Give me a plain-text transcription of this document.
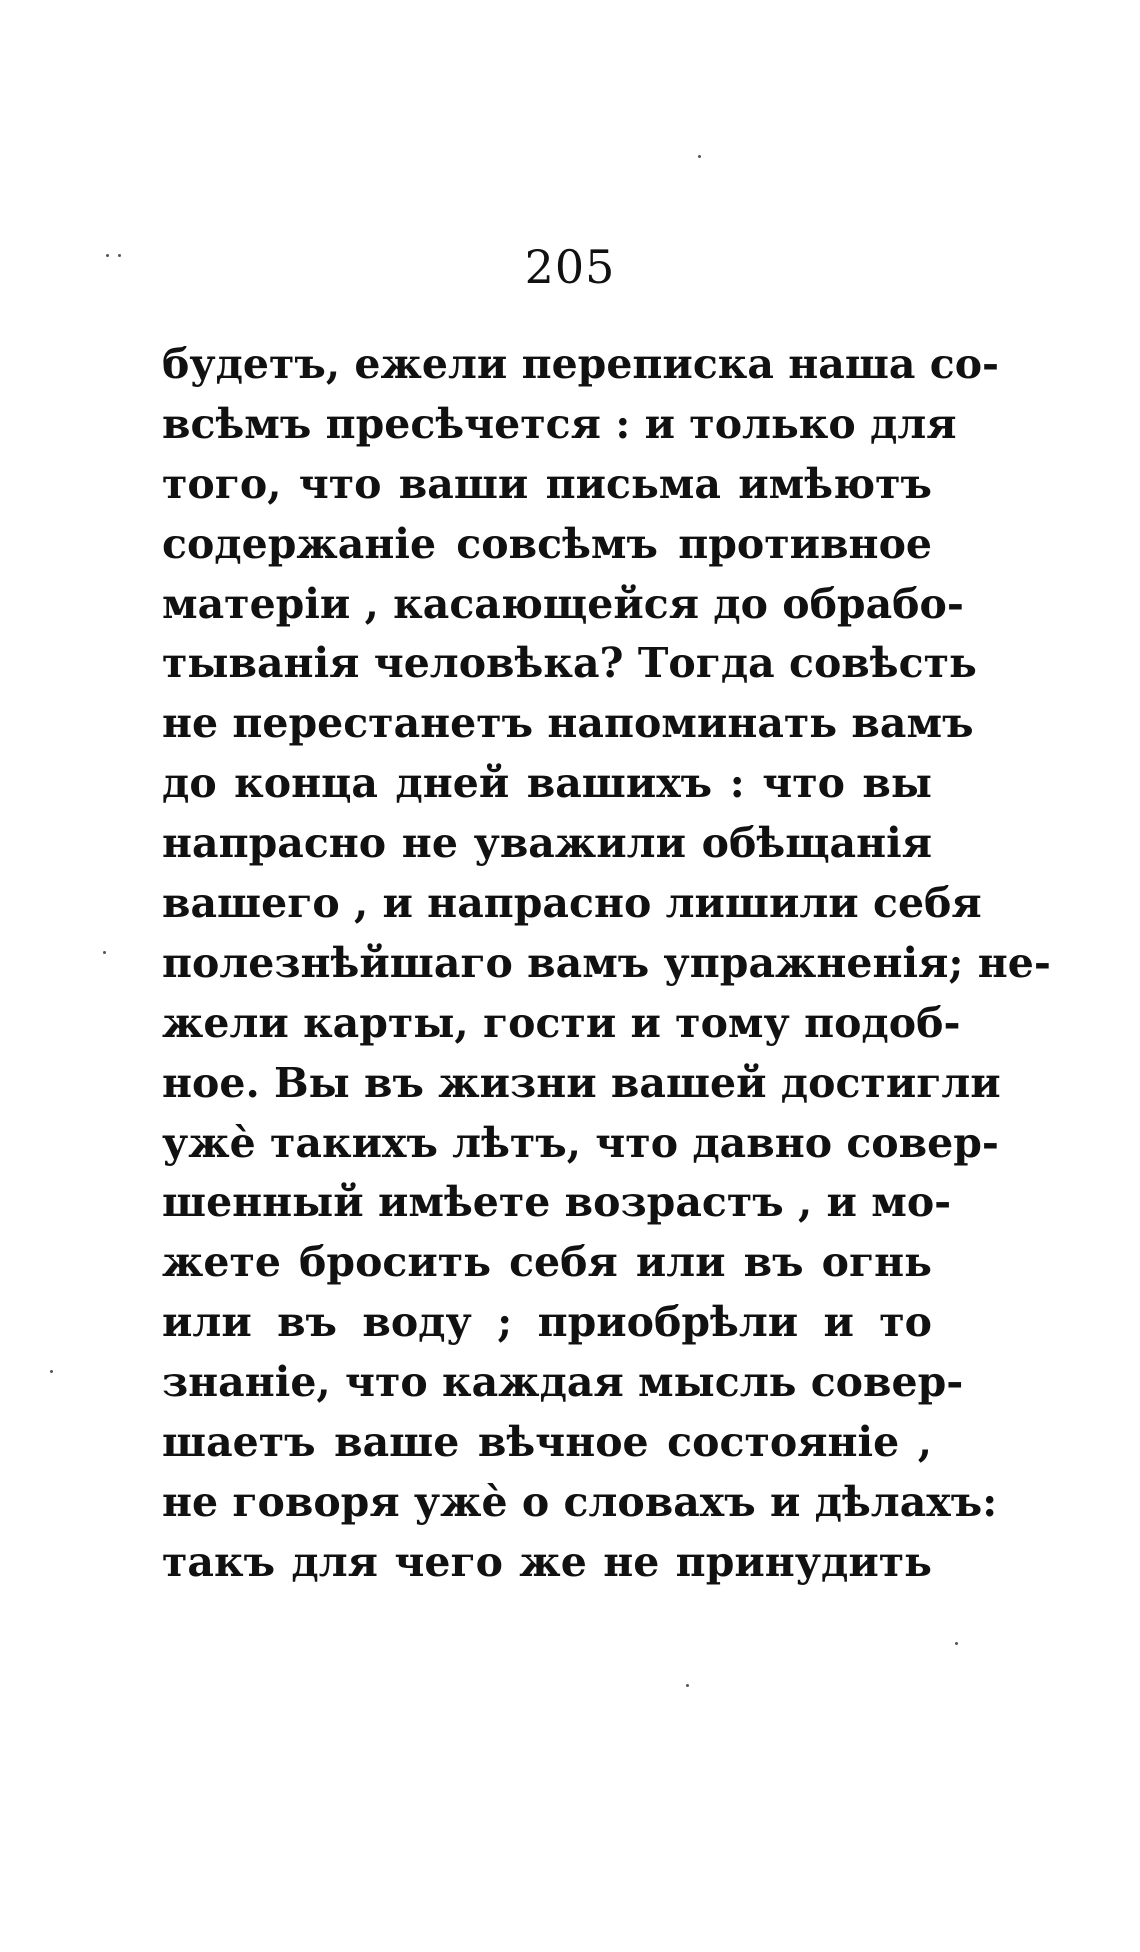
205
будетъ, ежели переписка наша со-
всѣмъ пресѣчется : и только для
того, что ваши письма имѣютъ
содержаніе совсѣмъ противное
матеріи , касающейся до обрабо-
тыванія человѣка? Тогда совѣсть
не перестанетъ напоминать вамъ
до конца дней вашихъ : что вы
напрасно не уважили обѣщанія
вашего , и напрасно лишили себя
полезнѣйшаго вамъ упражненія; не-
жели карты, гости и тому подоб-
ное. Вы въ жизни вашей достигли
ужѐ такихъ лѣтъ, что давно совер-
шенный имѣете возрастъ , и мо-
жете бросить себя или въ огнь
или въ воду ; приобрѣли и то
знаніе, что каждая мысль совер-
шаетъ ваше вѣчное состояніе ,
не говоря ужѐ о словахъ и дѣлахъ:
такъ для чего же не принудить
